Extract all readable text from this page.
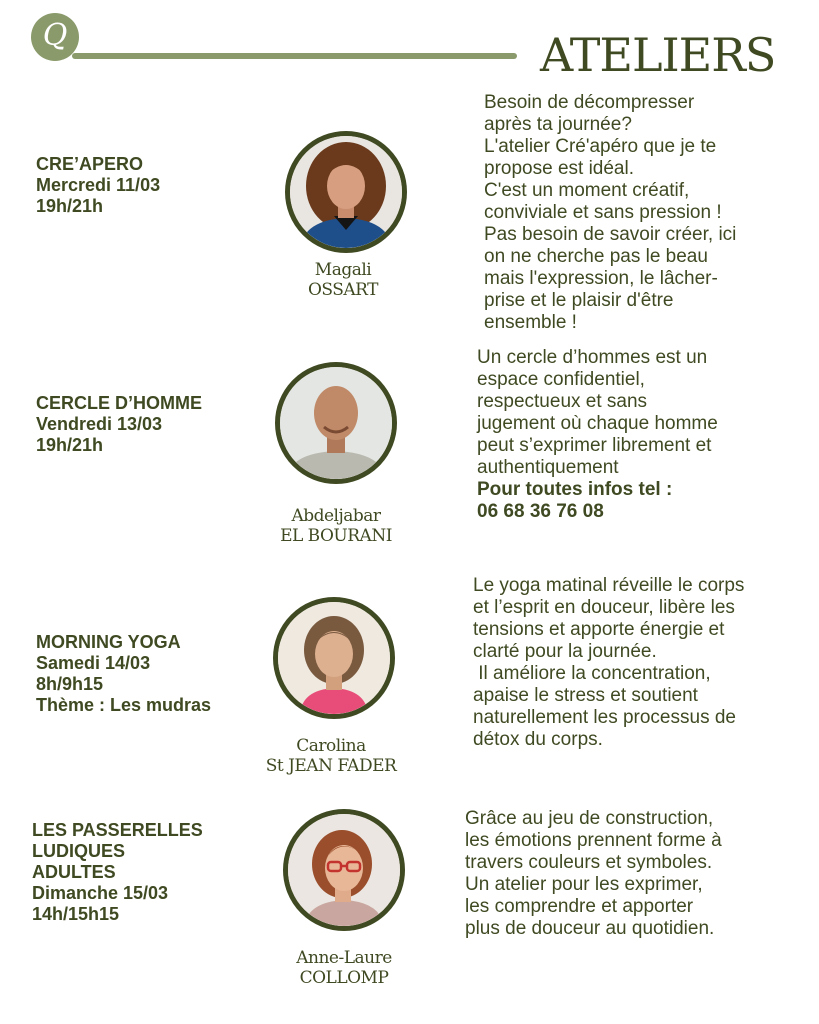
Q	ATELIERS
CRE’APERO
Mercredi 11/03
19h/21h
Magali
OSSART
Besoin de décompresser
après ta journée?
L'atelier Cré'apéro que je te
propose est idéal.
C'est un moment créatif,
conviviale et sans pression !
Pas besoin de savoir créer, ici
on ne cherche pas le beau
mais l'expression, le lâcher-
prise et le plaisir d'être
ensemble !
CERCLE D’HOMME
Vendredi 13/03
19h/21h
Abdeljabar
EL BOURANI
Un cercle d’hommes est un
espace confidentiel,
respectueux et sans
jugement où chaque homme
peut s’exprimer librement et
authentiquement
Pour toutes infos tel :
06 68 36 76 08
MORNING YOGA
Samedi 14/03
8h/9h15
Thème : Les mudras
Carolina
St JEAN FADER
Le yoga matinal réveille le corps
et l’esprit en douceur, libère les
tensions et apporte énergie et
clarté pour la journée.
Il améliore la concentration,
apaise le stress et soutient
naturellement les processus de
détox du corps.
LES PASSERELLES
LUDIQUES
ADULTES
Dimanche 15/03
14h/15h15
Anne-Laure
COLLOMP
Grâce au jeu de construction,
les émotions prennent forme à
travers couleurs et symboles.
Un atelier pour les exprimer,
les comprendre et apporter
plus de douceur au quotidien.
